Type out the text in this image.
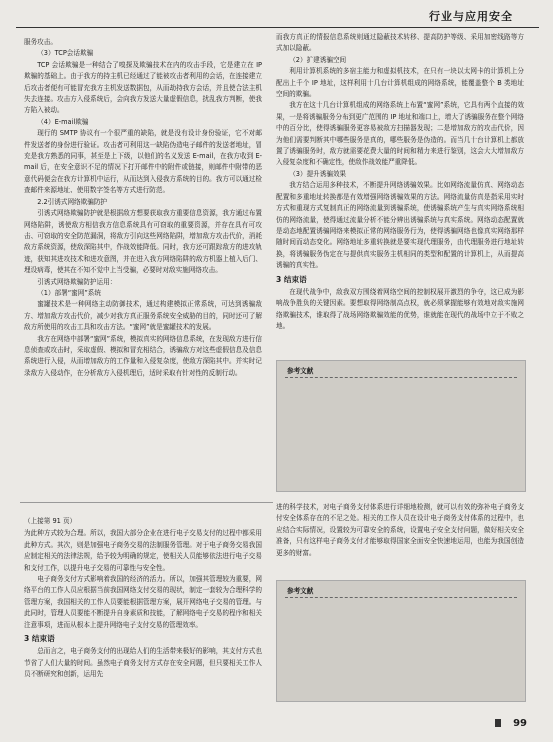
行业与应用安全

服务攻击。

（3）TCP会话欺骗

TCP 会话欺骗是一种结合了嗅探及欺骗技术在内的攻击手段，它是建立在 IP 欺骗的基础上。由于我方的持主机已经通过了能被攻击者利用的会话，在连接建立后攻击者便有可能冒充我方主机发送数据包，从而劫持我方会话，并且使合法主机失去连接。攻击方入侵系统后，会向我方发送大量虚假信息，扰乱我方判断，使我方陷入被动。

（4）E-mail欺骗

现行的 SMTP 协议有一个很严重的缺陷，就是没有设计身份验证，它不对邮件发送者的身份进行验证。攻击者可利用这一缺陷伪造电子邮件的发送者地址，冒充是我方熟悉的同事，甚至是上下级，以他们的名义发送 E-mail，在我方收到 E-mail 后，在安全意识不足的情况下打开邮件中的附件或链接，则邮件中附带的恶意代码便会在我方计算机中运行，从而达到入侵我方系统的目的。我方可以通过检查邮件来源地址、使用数字签名等方式进行防范。

2.2引诱式网络欺骗防护

引诱式网络欺骗防护就是根据敌方想要获取我方重要信息资源，我方通过布置网络陷阱，诱使敌方相信我方信息系统具有可窃取的重要资源，并存在具有可攻击、可窃取的安全防范漏洞，将敌方引向这些网络陷阱，增加敌方攻击代价，消耗敌方系统资源，使敌深陷其中，作战效能降低。同时，我方还可跟踪敌方的进攻轨迹，获知其进攻技术和进攻意图，并在进入我方网络陷阱的敌方机器上植入后门、埋设病毒，使其在不知不觉中上当受骗，必要时对敌实施网络攻击。

引诱式网络欺骗防护运用：

（1）部署“蜜网”系统

蜜罐技术是一种网络主动防御技术，通过构建模拟正常系统，可达到诱骗敌方、增加敌方攻击代价，减少对我方真正服务系统安全威胁的目的，同时还可了解敌方所使用的攻击工具和攻击方法。“蜜网”就是蜜罐技术的发展。

我方在网络中部署“蜜网”系统，模拟真实的网络信息系统，在发现敌方进行信息侦查或攻击时，采取虚假、模拟和冒充相结合，诱骗敌方对这些虚假信息及信息系统进行入侵，从而增加敌方的工作量和入侵复杂度，使敌方深陷其中。并实时记录敌方入侵动作，在分析敌方入侵机理后，适时采取有针对性的反制行动。

而我方真正的情报信息系统则通过隐蔽技术转移、提高防护等级、采用加密线路等方式加以隐蔽。

（2）扩建诱骗空间

利用计算机系统的多宿主能力和虚拟机技术，在只有一块以太网卡的计算机上分配出上千个 IP 地址，这样利用十几台计算机组成的网络系统，能覆盖整个 B 类地址空间的欺骗。

我方在这十几台计算机组成的网络系统上布置“蜜网”系统，它具有两个直接的效果，一是将诱骗服务分布到更广范围的 IP 地址和端口上，增大了诱骗服务在整个网络中的百分比，使得诱骗服务更容易被敌方扫描器发现；二是增加敌方的攻击代价，因为他们需要判断其中哪些服务是真的，哪些服务是伪造的。而当几十台计算机上都放置了诱骗服务时，敌方就需要花费大量的时间和精力来进行鉴别，这会大大增加敌方入侵复杂度和不确定性，使敌作战效能严重降低。

（3）提升诱骗效果

我方结合运用多种技术，不断提升网络诱骗效果。比如网络流量仿真、网络动态配置和多重地址转换都是有效增强网络诱骗效果的方法。网络流量仿真是指采用实时方式和重现方式复制真正的网络流量到诱骗系统，使诱骗系统产生与真实网络系统相仿的网络流量，使得通过流量分析不能分辨出诱骗系统与真实系统。网络动态配置就是动态地配置诱骗网络来模拟正常的网络服务行为，使得诱骗网络也像真实网络那样随时间而动态变化。网络地址多重转换就是要实现代理服务，由代理服务进行地址转换，将诱骗服务伪定在与提供真实服务主机相同的类型和配置的计算机上，从而提高诱骗的真实性。

3 结束语

在现代战争中，敌我双方围绕着网络空间的控制权展开激烈的争夺，这已成为影响战争胜负的关键因素。要想取得网络制高点权，就必须掌握能够有效地对敌实施网络欺骗技术，谁取得了战场网络欺骗效能的优势，谁就能在现代的战场中立于不败之地。

参考文献
（上接第 91 页）

为此种方式较为合理。所以，我国大部分企业在进行电子交易支付的过程中都采用此种方式。其次，则是加强电子商务交易的法制服务管理。对于电子商务交易我国应制定相关的法律法规，给予较为明确的规定，使相关人员能够依法进行电子交易和支付工作，以提升电子交易的可靠性与安全性。

电子商务支付方式影响着我国的经济的活力。所以，加强其管理较为重要，网络平台的工作人员应根据当前我国网络支付交易的现状，制定一套较为合理科学的管理方案，我国相关的工作人员要能根据管理方案，展开网络电子交易的管理。与此同时，管理人员要能不断提升自身素质和技能，了解网络电子交易的程序和相关注意事项，进而从根本上提升网络电子支付交易的管理效率。

3 结束语

总而言之，电子商务支付的出现给人们的生活带来极好的影响，其支付方式也节省了人们大量的时间。虽然电子商务支付方式存在安全问题，但只要相关工作人员不断研究和创新，运用先

进的科学技术，对电子商务支付体系进行详细地检测，就可以有效的弥补电子商务支付安全体系存在的不足之处。相关的工作人员在设计电子商务支付体系的过程中，也应结合实际情况，设置较为可靠安全的系统，设置电子安全支付问题，做好相关安全准备，只有这样电子商务支付才能够取得国家全面安全快速地运用，也能为我国创造更多的财富。

参考文献
99
